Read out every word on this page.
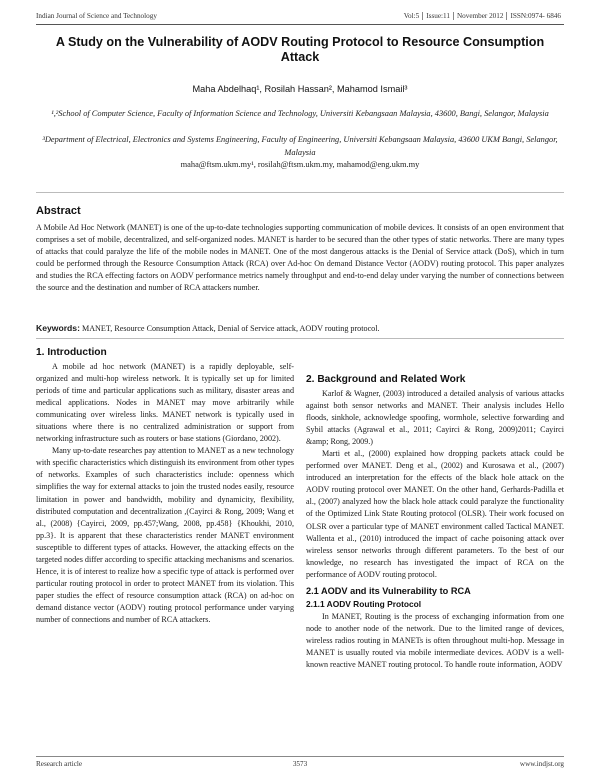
Indian Journal of Science and Technology	Vol:5 Issue:11 November 2012 ISSN:0974- 6846
A Study on the Vulnerability of AODV Routing Protocol to Resource Consumption Attack
Maha Abdelhaq¹, Rosilah Hassan², Mahamod Ismail³
¹,²School of Computer Science, Faculty of Information Science and Technology, Universiti Kebangsaan Malaysia, 43600, Bangi, Selangor, Malaysia
³Department of Electrical, Electronics and Systems Engineering, Faculty of Engineering, Universiti Kebangsaan Malaysia, 43600 UKM Bangi, Selangor, Malaysia
maha@ftsm.ukm.my¹, rosilah@ftsm.ukm.my, mahamod@eng.ukm.my
Abstract
A Mobile Ad Hoc Network (MANET) is one of the up-to-date technologies supporting communication of mobile devices. It consists of an open environment that comprises a set of mobile, decentralized, and self-organized nodes. MANET is harder to be secured than the other types of static networks. There are many types of attacks that could paralyze the life of the mobile nodes in MANET. One of the most dangerous attacks is the Denial of Service attack (DoS), which in turn could be performed through the Resource Consumption Attack (RCA) over Ad-hoc On demand Distance Vector (AODV) routing protocol. This paper analyzes and studies the RCA effecting factors on AODV performance metrics namely throughput and end-to-end delay under varying the number of connections between the source and the destination and number of RCA attackers number.
Keywords: MANET, Resource Consumption Attack, Denial of Service attack, AODV routing protocol.
1. Introduction

A mobile ad hoc network (MANET) is a rapidly deployable, self-organized and multi-hop wireless network. It is typically set up for limited periods of time and particular applications such as military, disaster areas and medical applications. Nodes in MANET may move arbitrarily while communicating over wireless links. MANET network is typically used in situations where there is no centralized administration or support from networking infrastructure such as routers or base stations (Giordano, 2002).

Many up-to-date researches pay attention to MANET as a new technology with specific characteristics which distinguish its environment from other types of networks. Examples of such characteristics include: openness which simplifies the way for external attacks to join the trusted nodes easily, resource limitation in power and bandwidth, mobility and dynamicity, flexibility, distributed computation and decentralization ,(Cayirci & Rong, 2009; Wang et al., (2008) {Cayirci, 2009, pp.457;Wang, 2008, pp.458} {Khoukhi, 2010, pp.3}. It is apparent that these characteristics render MANET environment susceptible to different types of attacks. However, the attacking effects on the targeted nodes differ according to specific attacking mechanisms and scenarios. Hence, it is of interest to realize how a specific type of attack is performed over particular routing protocol in order to protect MANET from its violation. This paper studies the effect of resource consumption attack (RCA) on ad-hoc on demand distance vector (AODV) routing protocol performance under varying number of connections and number of RCA attackers.

2. Background and Related Work

Karlof & Wagner, (2003) introduced a detailed analysis of various attacks against both sensor networks and MANET. Their analysis includes Hello floods, sinkhole, acknowledge spoofing, wormhole, selective forwarding and Sybil attacks (Agrawal et al., 2011; Cayirci & Rong, 2009)2011; Cayirci &amp; Rong, 2009.)

Marti et al., (2000) explained how dropping packets attack could be performed over MANET. Deng et al., (2002) and Kurosawa et al., (2007) introduced an interpretation for the effects of the black hole attack on the AODV routing protocol over MANET. On the other hand, Gerhards-Padilla et al., (2007) analyzed how the black hole attack could paralyze the functionality of the Optimized Link State Routing protocol (OLSR). Their work focused on OLSR over a particular type of MANET environment called Tactical MANET. Wallenta et al., (2010) introduced the impact of cache poisoning attack over wireless sensor networks through different parameters. To the best of our knowledge, no research has investigated the impact of RCA on the performance of AODV routing protocol.

2.1 AODV and its Vulnerability to RCA
2.1.1 AODV Routing Protocol

In MANET, Routing is the process of exchanging information from one node to another node of the network. Due to the limited range of devices, wireless radios routing in MANETs is often throughout multi-hop. Message in MANET is usually routed via mobile intermediate devices. AODV is a well-known reactive MANET routing protocol. To handle route information, AODV

Research article	3573	www.indjst.org
